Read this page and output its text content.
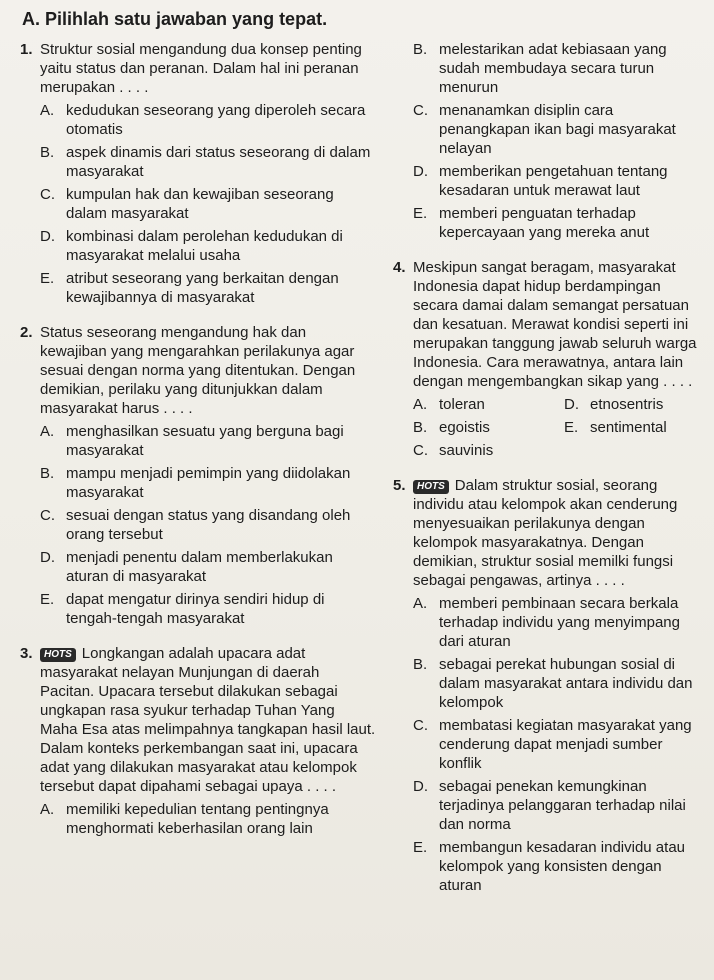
A. Pilihlah satu jawaban yang tepat.
1. Struktur sosial mengandung dua konsep penting yaitu status dan peranan. Dalam hal ini peranan merupakan . . . .
A. kedudukan seseorang yang diperoleh secara otomatis
B. aspek dinamis dari status seseorang di dalam masyarakat
C. kumpulan hak dan kewajiban seseorang dalam masyarakat
D. kombinasi dalam perolehan kedudukan di masyarakat melalui usaha
E. atribut seseorang yang berkaitan dengan kewajibannya di masyarakat
2. Status seseorang mengandung hak dan kewajiban yang mengarahkan perilakunya agar sesuai dengan norma yang ditentukan. Dengan demikian, perilaku yang ditunjukkan dalam masyarakat harus . . . .
A. menghasilkan sesuatu yang berguna bagi masyarakat
B. mampu menjadi pemimpin yang diidolakan masyarakat
C. sesuai dengan status yang disandang oleh orang tersebut
D. menjadi penentu dalam memberlakukan aturan di masyarakat
E. dapat mengatur dirinya sendiri hidup di tengah-tengah masyarakat
3.	HOTS Longkangan adalah upacara adat masyarakat nelayan Munjungan di daerah Pacitan. Upacara tersebut dilakukan sebagai ungkapan rasa syukur terhadap Tuhan Yang Maha Esa atas melimpahnya tangkapan hasil laut. Dalam konteks perkembangan saat ini, upacara adat yang dilakukan masyarakat atau kelompok tersebut dapat dipahami sebagai upaya . . . .
A. memiliki kepedulian tentang pentingnya menghormati keberhasilan orang lain
B. melestarikan adat kebiasaan yang sudah membudaya secara turun menurun
C. menanamkan disiplin cara penangkapan ikan bagi masyarakat nelayan
D. memberikan pengetahuan tentang kesadaran untuk merawat laut
E. memberi penguatan terhadap kepercayaan yang mereka anut
4. Meskipun sangat beragam, masyarakat Indonesia dapat hidup berdampingan secara damai dalam semangat persatuan dan kesatuan. Merawat kondisi seperti ini merupakan tanggung jawab seluruh warga Indonesia. Cara merawatnya, antara lain dengan mengembangkan sikap yang . . . .
A. toleran	D. etnosentris
B. egoistis	E. sentimental
C. sauvinis
5.	HOTS Dalam struktur sosial, seorang individu atau kelompok akan cenderung menyesuaikan perilakunya dengan kelompok masyarakatnya. Dengan demikian, struktur sosial memilki fungsi sebagai pengawas, artinya . . . .
A. memberi pembinaan secara berkala terhadap individu yang menyimpang dari aturan
B. sebagai perekat hubungan sosial di dalam masyarakat antara individu dan kelompok
C. membatasi kegiatan masyarakat yang cenderung dapat menjadi sumber konflik
D. sebagai penekan kemungkinan terjadinya pelanggaran terhadap nilai dan norma
E. membangun kesadaran individu atau kelompok yang konsisten dengan aturan
